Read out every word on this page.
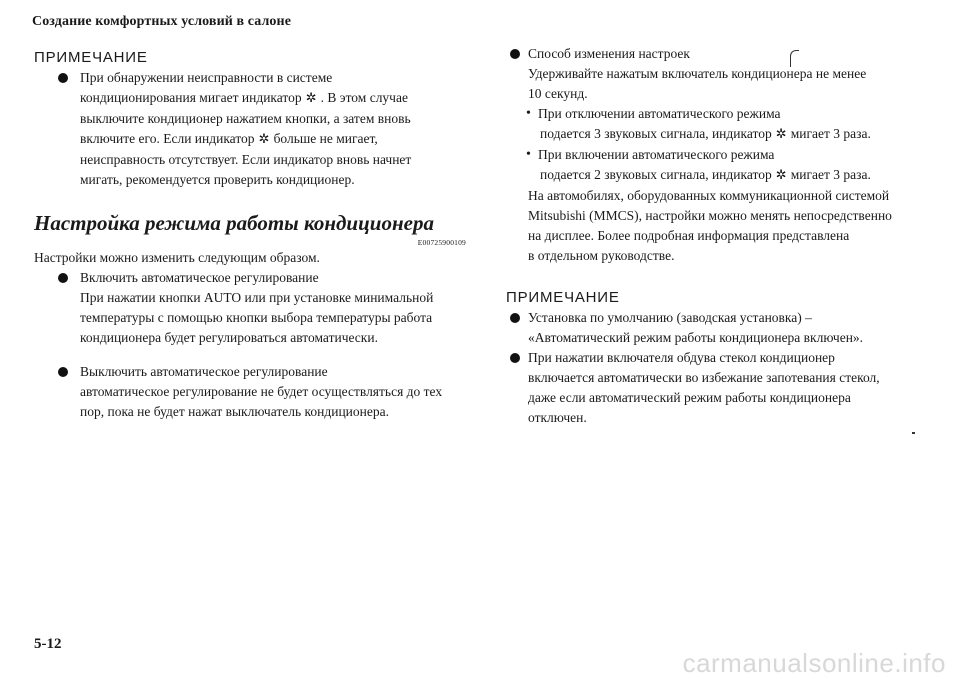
Создание комфортных условий в салоне

ПРИМЕЧАНИЕ

При обнаружении неисправности в системе
кондиционирования мигает индикатор ✲ . В этом случае
выключите кондиционер нажатием кнопки, а затем вновь
включите его. Если индикатор ✲ больше не мигает,
неисправность отсутствует. Если индикатор вновь начнет
мигать, рекомендуется проверить кондиционер.
Настройка режима работы кондиционера
E00725900109
Настройки можно изменить следующим образом.
Включить автоматическое регулирование
При нажатии кнопки AUTO или при установке минимальной
температуры с помощью кнопки выбора температуры работа
кондиционера будет регулироваться автоматически.
Выключить автоматическое регулирование
автоматическое регулирование не будет осуществляться до тех
пор, пока не будет нажат выключатель кондиционера.
Способ изменения настроек
Удерживайте нажатым включатель кондиционера не менее
10 секунд.
• При отключении автоматического режима
подается 3 звуковых сигнала, индикатор ✲ мигает 3 раза.
• При включении автоматического режима
подается 2 звуковых сигнала, индикатор ✲ мигает 3 раза.
На автомобилях, оборудованных коммуникационной системой
Mitsubishi (MMCS), настройки можно менять непосредственно
на дисплее. Более подробная информация представлена
в отдельном руководстве.

ПРИМЕЧАНИЕ

Установка по умолчанию (заводская установка) –
«Автоматический режим работы кондиционера включен».
При нажатии включателя обдува стекол кондиционер
включается автоматически во избежание запотевания стекол,
даже если автоматический режим работы кондиционера
отключен.
5-12
carmanualsonline.info
